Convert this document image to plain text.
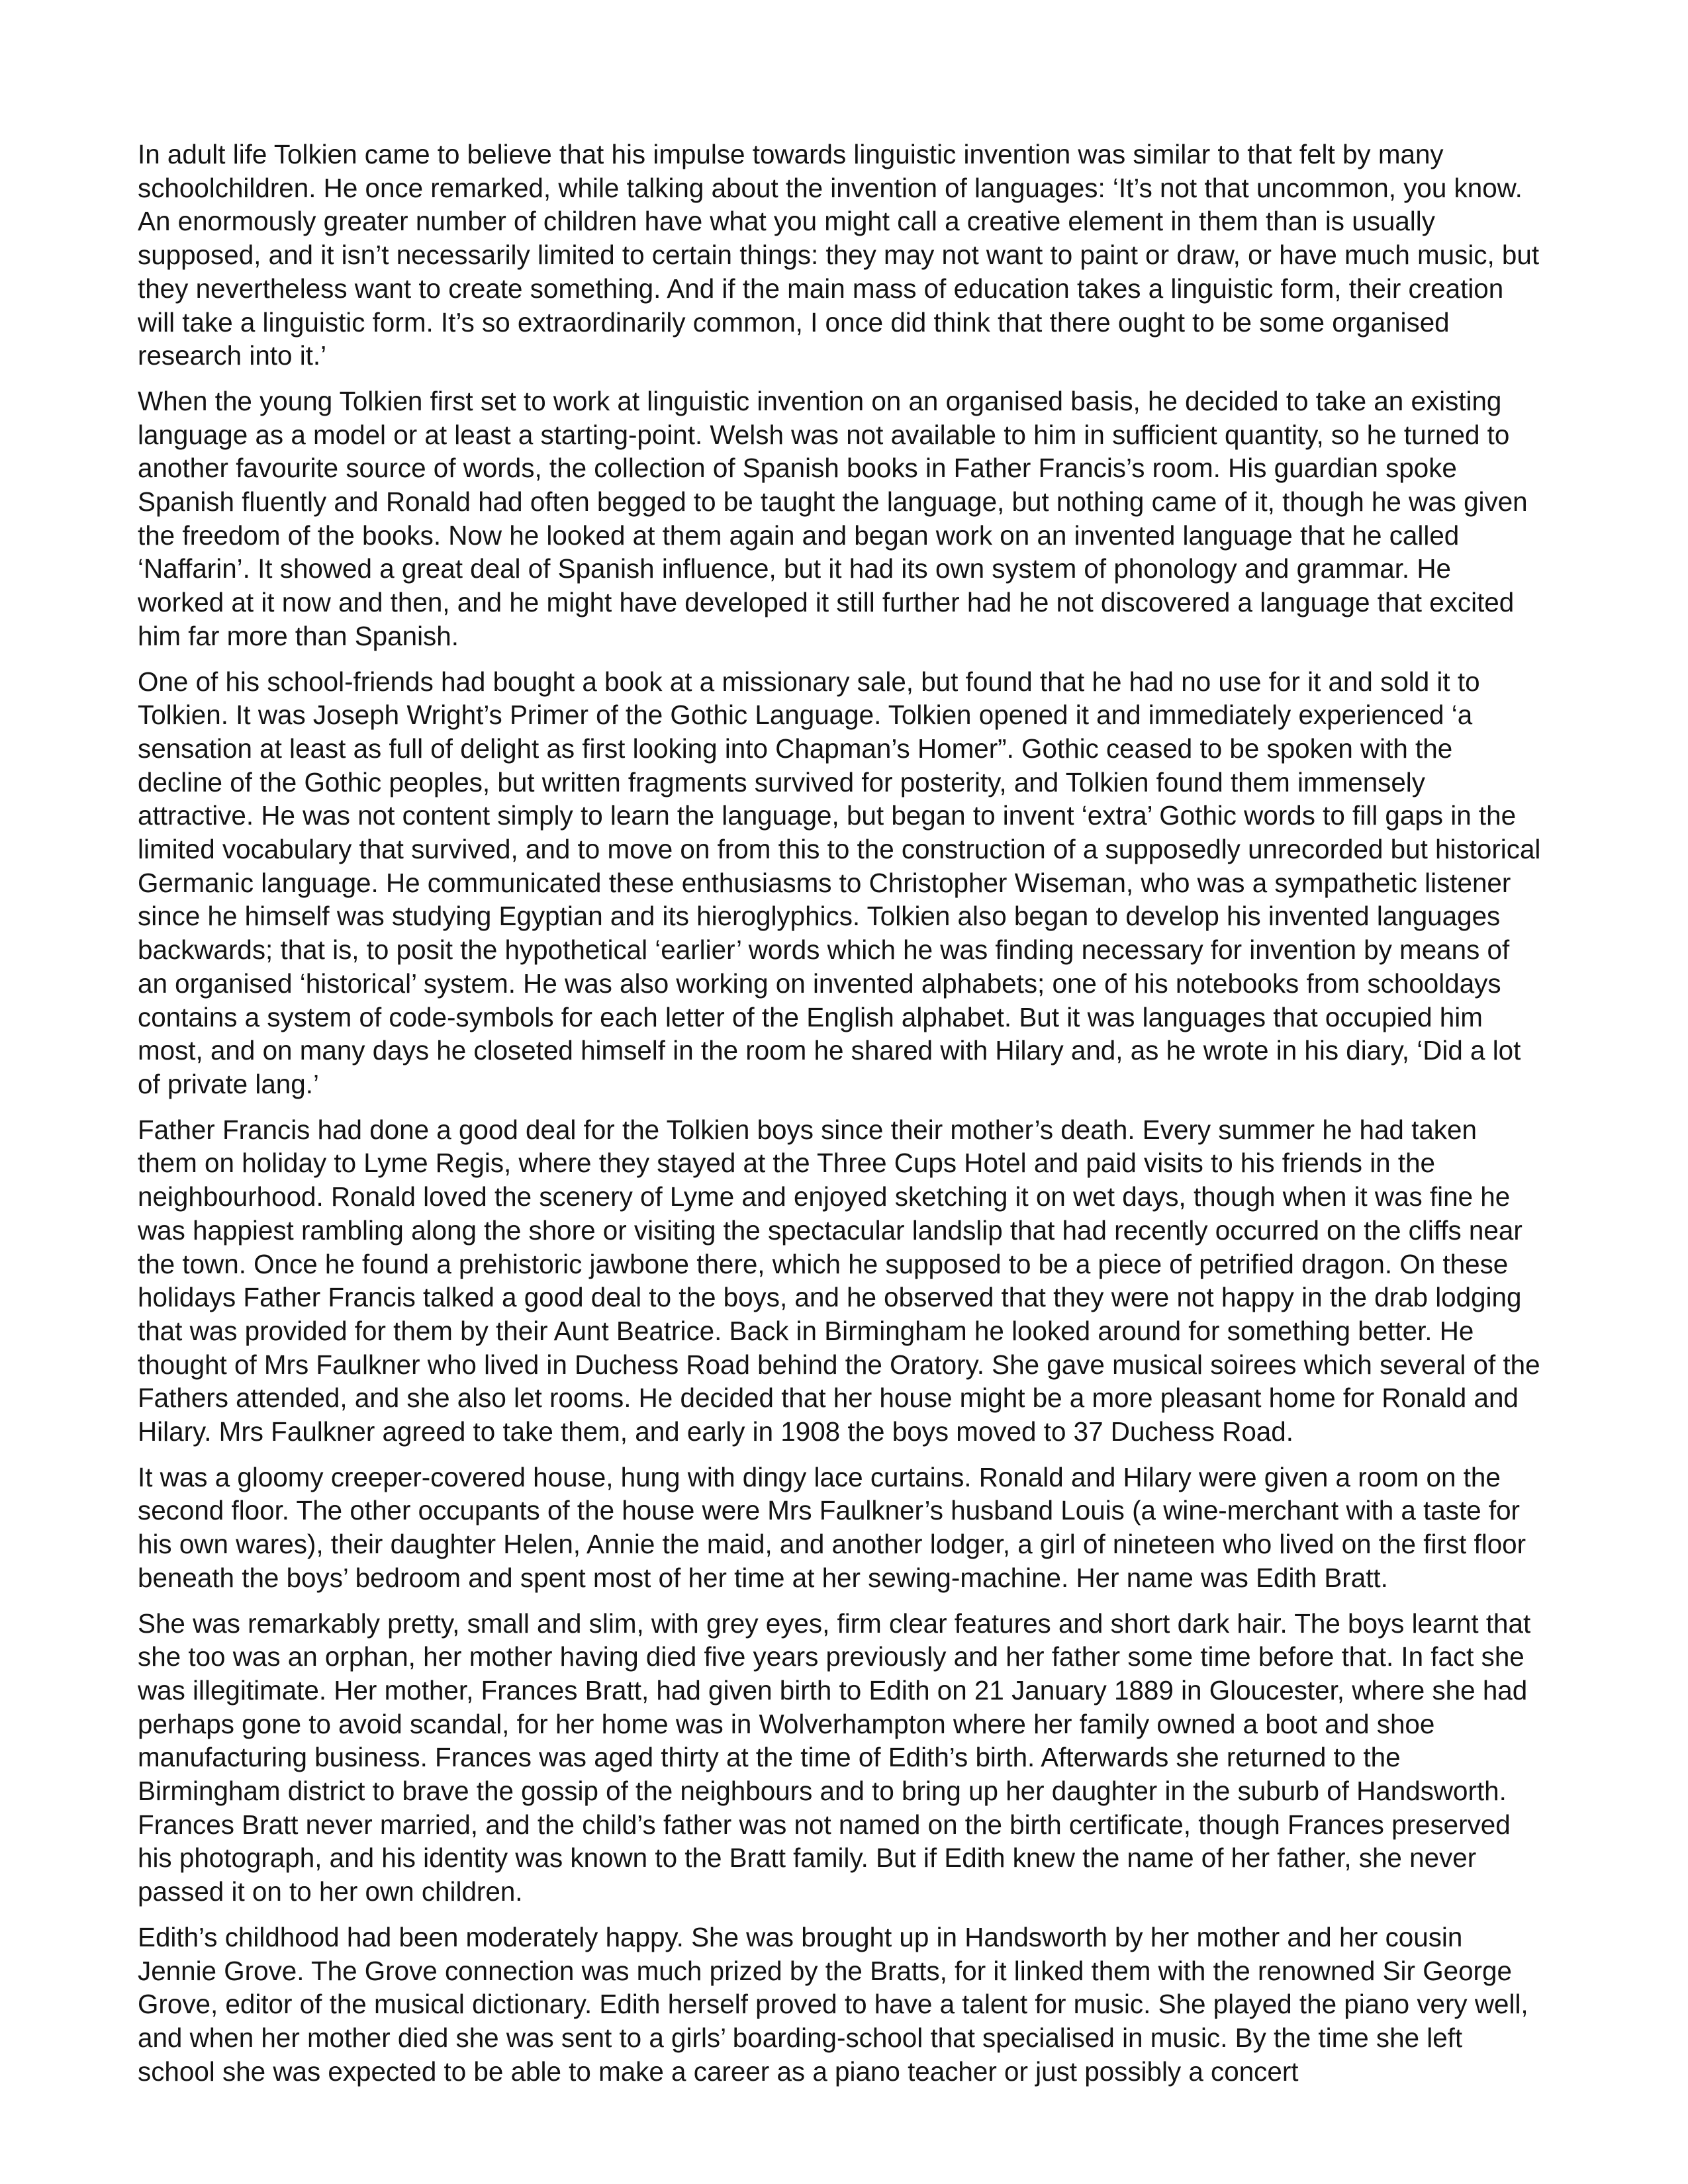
In adult life Tolkien came to believe that his impulse towards linguistic invention was similar to that felt by many schoolchildren. He once remarked, while talking about the invention of languages: ‘It’s not that uncommon, you know. An enormously greater number of children have what you might call a creative element in them than is usually supposed, and it isn’t necessarily limited to certain things: they may not want to paint or draw, or have much music, but they nevertheless want to create something. And if the main mass of education takes a linguistic form, their creation will take a linguistic form. It’s so extraordinarily common, I once did think that there ought to be some organised research into it.’

When the young Tolkien first set to work at linguistic invention on an organised basis, he decided to take an existing language as a model or at least a starting-point. Welsh was not available to him in sufficient quantity, so he turned to another favourite source of words, the collection of Spanish books in Father Francis’s room. His guardian spoke Spanish fluently and Ronald had often begged to be taught the language, but nothing came of it, though he was given the freedom of the books. Now he looked at them again and began work on an invented language that he called ‘Naffarin’. It showed a great deal of Spanish influence, but it had its own system of phonology and grammar. He worked at it now and then, and he might have developed it still further had he not discovered a language that excited him far more than Spanish.

One of his school-friends had bought a book at a missionary sale, but found that he had no use for it and sold it to Tolkien. It was Joseph Wright’s Primer of the Gothic Language. Tolkien opened it and immediately experienced ‘a sensation at least as full of delight as first looking into Chapman’s Homer”. Gothic ceased to be spoken with the decline of the Gothic peoples, but written fragments survived for posterity, and Tolkien found them immensely attractive. He was not content simply to learn the language, but began to invent ‘extra’ Gothic words to fill gaps in the limited vocabulary that survived, and to move on from this to the construction of a supposedly unrecorded but historical Germanic language. He communicated these enthusiasms to Christopher Wiseman, who was a sympathetic listener since he himself was studying Egyptian and its hieroglyphics. Tolkien also began to develop his invented languages backwards; that is, to posit the hypothetical ‘earlier’ words which he was finding necessary for invention by means of an organised ‘historical’ system. He was also working on invented alphabets; one of his notebooks from schooldays contains a system of code-symbols for each letter of the English alphabet. But it was languages that occupied him most, and on many days he closeted himself in the room he shared with Hilary and, as he wrote in his diary, ‘Did a lot of private lang.’

Father Francis had done a good deal for the Tolkien boys since their mother’s death. Every summer he had taken them on holiday to Lyme Regis, where they stayed at the Three Cups Hotel and paid visits to his friends in the neighbourhood. Ronald loved the scenery of Lyme and enjoyed sketching it on wet days, though when it was fine he was happiest rambling along the shore or visiting the spectacular landslip that had recently occurred on the cliffs near the town. Once he found a prehistoric jawbone there, which he supposed to be a piece of petrified dragon. On these holidays Father Francis talked a good deal to the boys, and he observed that they were not happy in the drab lodging that was provided for them by their Aunt Beatrice. Back in Birmingham he looked around for something better. He thought of Mrs Faulkner who lived in Duchess Road behind the Oratory. She gave musical soirees which several of the Fathers attended, and she also let rooms. He decided that her house might be a more pleasant home for Ronald and Hilary. Mrs Faulkner agreed to take them, and early in 1908 the boys moved to 37 Duchess Road.

It was a gloomy creeper-covered house, hung with dingy lace curtains. Ronald and Hilary were given a room on the second floor. The other occupants of the house were Mrs Faulkner’s husband Louis (a wine-merchant with a taste for his own wares), their daughter Helen, Annie the maid, and another lodger, a girl of nineteen who lived on the first floor beneath the boys’ bedroom and spent most of her time at her sewing-machine. Her name was Edith Bratt.

She was remarkably pretty, small and slim, with grey eyes, firm clear features and short dark hair. The boys learnt that she too was an orphan, her mother having died five years previously and her father some time before that. In fact she was illegitimate. Her mother, Frances Bratt, had given birth to Edith on 21 January 1889 in Gloucester, where she had perhaps gone to avoid scandal, for her home was in Wolverhampton where her family owned a boot and shoe manufacturing business. Frances was aged thirty at the time of Edith’s birth. Afterwards she returned to the Birmingham district to brave the gossip of the neighbours and to bring up her daughter in the suburb of Handsworth. Frances Bratt never married, and the child’s father was not named on the birth certificate, though Frances preserved his photograph, and his identity was known to the Bratt family. But if Edith knew the name of her father, she never passed it on to her own children.

Edith’s childhood had been moderately happy. She was brought up in Handsworth by her mother and her cousin Jennie Grove. The Grove connection was much prized by the Bratts, for it linked them with the renowned Sir George Grove, editor of the musical dictionary. Edith herself proved to have a talent for music. She played the piano very well, and when her mother died she was sent to a girls’ boarding-school that specialised in music. By the time she left school she was expected to be able to make a career as a piano teacher or just possibly a concert
